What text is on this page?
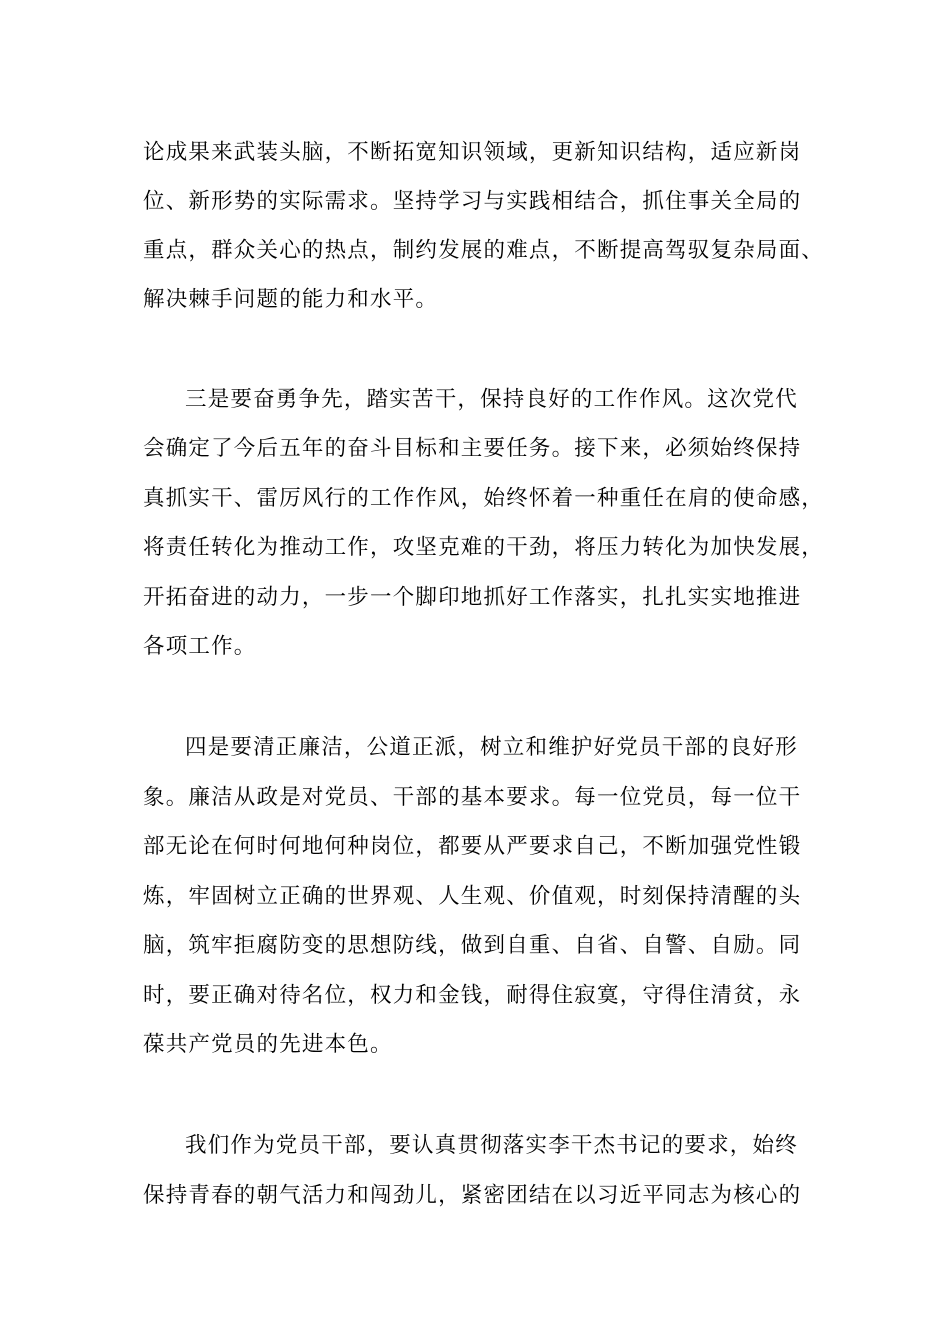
论成果来武装头脑，不断拓宽知识领域，更新知识结构，适应新岗
位、新形势的实际需求。坚持学习与实践相结合，抓住事关全局的
重点，群众关心的热点，制约发展的难点，不断提高驾驭复杂局面、
解决棘手问题的能力和水平。
三是要奋勇争先，踏实苦干，保持良好的工作作风。这次党代
会确定了今后五年的奋斗目标和主要任务。接下来，必须始终保持
真抓实干、雷厉风行的工作作风，始终怀着一种重任在肩的使命感，
将责任转化为推动工作，攻坚克难的干劲，将压力转化为加快发展，
开拓奋进的动力，一步一个脚印地抓好工作落实，扎扎实实地推进
各项工作。
四是要清正廉洁，公道正派，树立和维护好党员干部的良好形
象。廉洁从政是对党员、干部的基本要求。每一位党员，每一位干
部无论在何时何地何种岗位，都要从严要求自己，不断加强党性锻
炼，牢固树立正确的世界观、人生观、价值观，时刻保持清醒的头
脑，筑牢拒腐防变的思想防线，做到自重、自省、自警、自励。同
时，要正确对待名位，权力和金钱，耐得住寂寞，守得住清贫，永
葆共产党员的先进本色。
我们作为党员干部，要认真贯彻落实李干杰书记的要求，始终
保持青春的朝气活力和闯劲儿，紧密团结在以习近平同志为核心的
